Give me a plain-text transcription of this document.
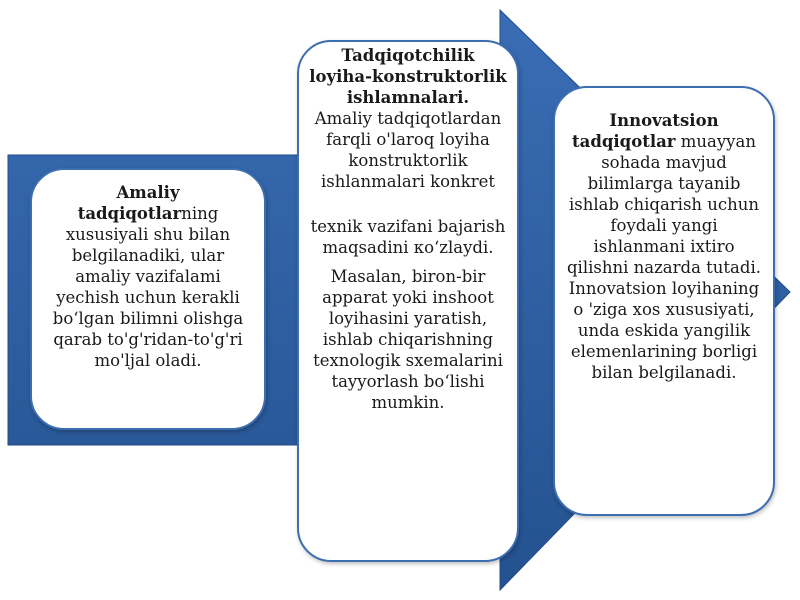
Amaliy tadqiqotlarning xususiyali shu bilan belgilanadiki, ular amaliy vazifalami yechish uchun kerakli bo‘lgan bilimni olishga qarab to'g'ridan-to'g'ri mo'ljal oladi.
Tadqiqotchilik loyiha-konstruktorlik ishlamnalari.
Amaliy tadqiqotlardan farqli o'laroq loyiha konstruktorlik ishlanmalari konkret
texnik vazifani bajarish maqsadini ко‘zlaydi.
Masalan, biron-bir apparat yoki inshoot loyihasini yaratish, ishlab chiqarishning texnologik sxemalarini tayyorlash bo‘lishi mumkin.
Innovatsion tadqiqotlar muayyan sohada mavjud bilimlarga tayanib ishlab chiqarish uchun foydali yangi ishlanmani ixtiro qilishni nazarda tutadi. Innovatsion loyihaning o 'ziga xos xususiyati, unda eskida yangilik elemenlarining borligi bilan belgilanadi.
